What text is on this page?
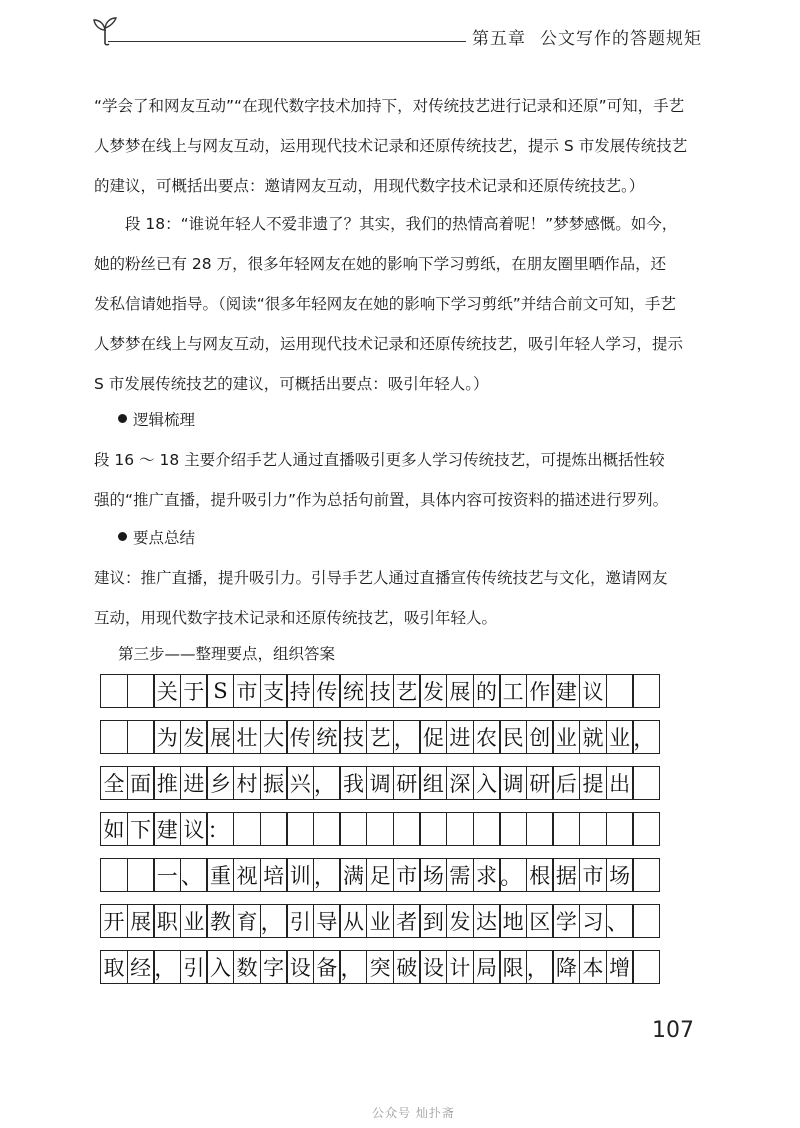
第五章 公文写作的答题规矩

“学会了和网友互动”“在现代数字技术加持下，对传统技艺进行记录和还原”可知，手艺

人梦梦在线上与网友互动，运用现代技术记录和还原传统技艺，提示 S 市发展传统技艺

的建议，可概括出要点：邀请网友互动，用现代数字技术记录和还原传统技艺。）

　　段 18：“谁说年轻人不爱非遗了？其实，我们的热情高着呢！”梦梦感慨。如今，

她的粉丝已有 28 万，很多年轻网友在她的影响下学习剪纸，在朋友圈里晒作品，还

发私信请她指导。（阅读“很多年轻网友在她的影响下学习剪纸”并结合前文可知，手艺

人梦梦在线上与网友互动，运用现代技术记录和还原传统技艺，吸引年轻人学习，提示

S 市发展传统技艺的建议，可概括出要点：吸引年轻人。）

逻辑梳理

段 16 ～ 18 主要介绍手艺人通过直播吸引更多人学习传统技艺，可提炼出概括性较

强的“推广直播，提升吸引力”作为总括句前置，具体内容可按资料的描述进行罗列。

要点总结

建议：推广直播，提升吸引力。引导手艺人通过直播宣传传统技艺与文化，邀请网友

互动，用现代数字技术记录和还原传统技艺，吸引年轻人。

第三步——整理要点，组织答案
关 于 S 市 支 持 传 统 技 艺 发 展 的 工 作 建 议
为 发 展 壮 大 传 统 技 艺 ， 促 进 农 民 创 业 就 业 ，
全 面 推 进 乡 村 振 兴 ， 我 调 研 组 深 入 调 研 后 提 出
如 下 建 议 ：
一 、 重 视 培 训 ， 满 足 市 场 需 求 。 根 据 市 场
开 展 职 业 教 育 ， 引 导 从 业 者 到 发 达 地 区 学 习 、
取 经 ， 引 入 数 字 设 备 ， 突 破 设 计 局 限 ， 降 本 增
107
公众号 灿扑斋
